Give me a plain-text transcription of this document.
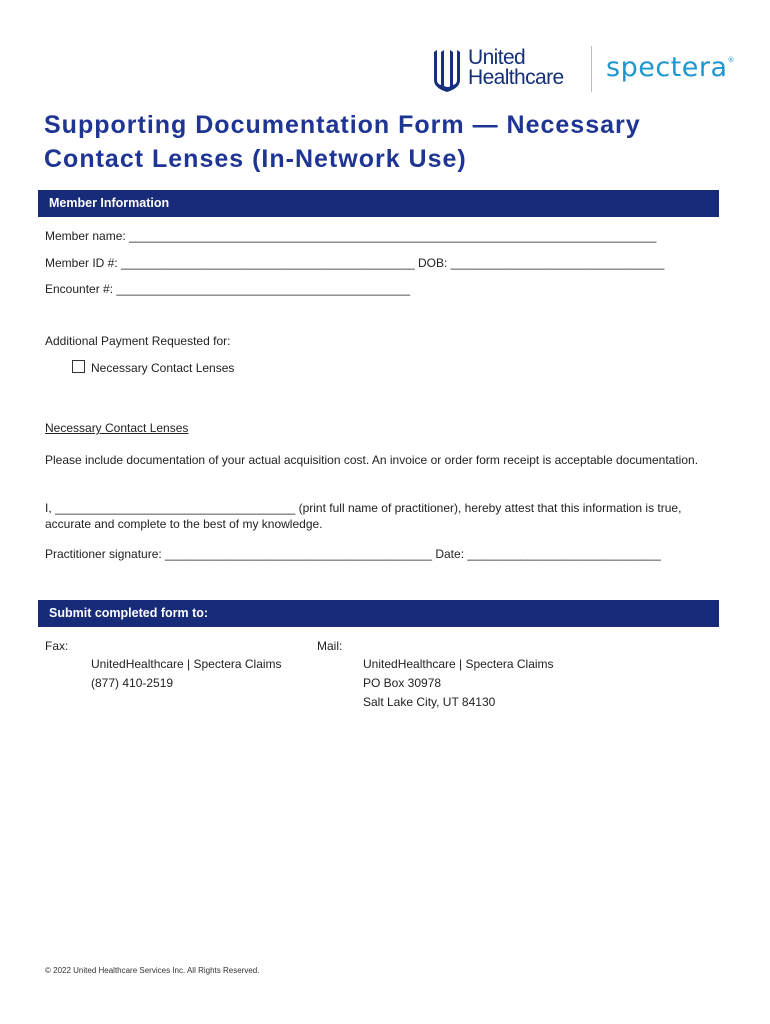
United
Healthcare spectera®
Supporting Documentation Form — Necessary
Contact Lenses (In-Network Use)
Member Information
Member name: _______________________________________________________________________________
Member ID #: ____________________________________________ DOB: ________________________________
Encounter #: ____________________________________________
Additional Payment Requested for:
Necessary Contact Lenses
Necessary Contact Lenses
Please include documentation of your actual acquisition cost. An invoice or order form receipt is acceptable documentation.
I, ____________________________________ (print full name of practitioner), hereby attest that this information is true, accurate and complete to the best of my knowledge.
Practitioner signature: ________________________________________ Date: _____________________________
Submit completed form to:
Fax:
UnitedHealthcare | Spectera Claims
(877) 410-2519
Mail:
UnitedHealthcare | Spectera Claims
PO Box 30978
Salt Lake City, UT 84130
© 2022 United Healthcare Services Inc. All Rights Reserved.
